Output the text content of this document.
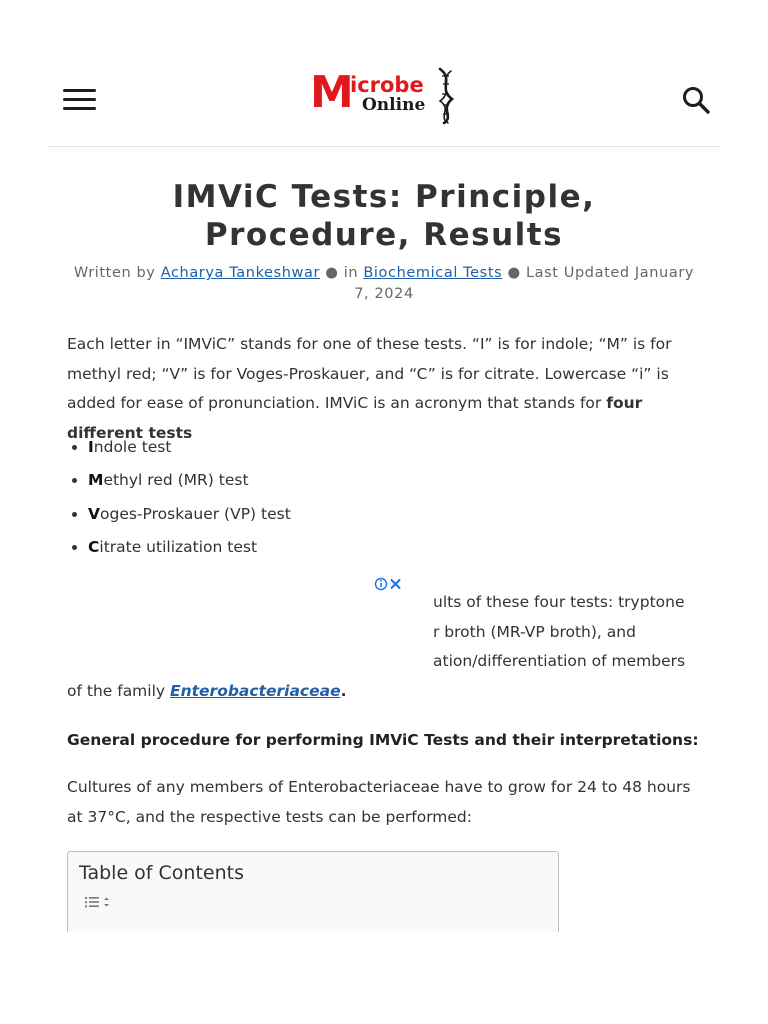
M
icrobe
Online
IMViC Tests: Principle, Procedure, Results
Written by Acharya Tankeshwar ● in Biochemical Tests ● Last Updated January 7, 2024

Each letter in “IMViC” stands for one of these tests. “I” is for indole; “M” is for methyl red; “V” is for Voges-Proskauer, and “C” is for citrate. Lowercase “i” is added for ease of pronunciation. IMViC is an acronym that stands for four different tests

• Indole test
• Methyl red (MR) test
• Voges-Proskauer (VP) test
• Citrate utilization test
ults of these four tests: tryptone
r broth (MR-VP broth), and
ation/differentiation of members
of the family Enterobacteriaceae.
General procedure for performing IMViC Tests and their interpretations:
Cultures of any members of Enterobacteriaceae have to grow for 24 to 48 hours at 37°C, and the respective tests can be performed:
Table of Contents
